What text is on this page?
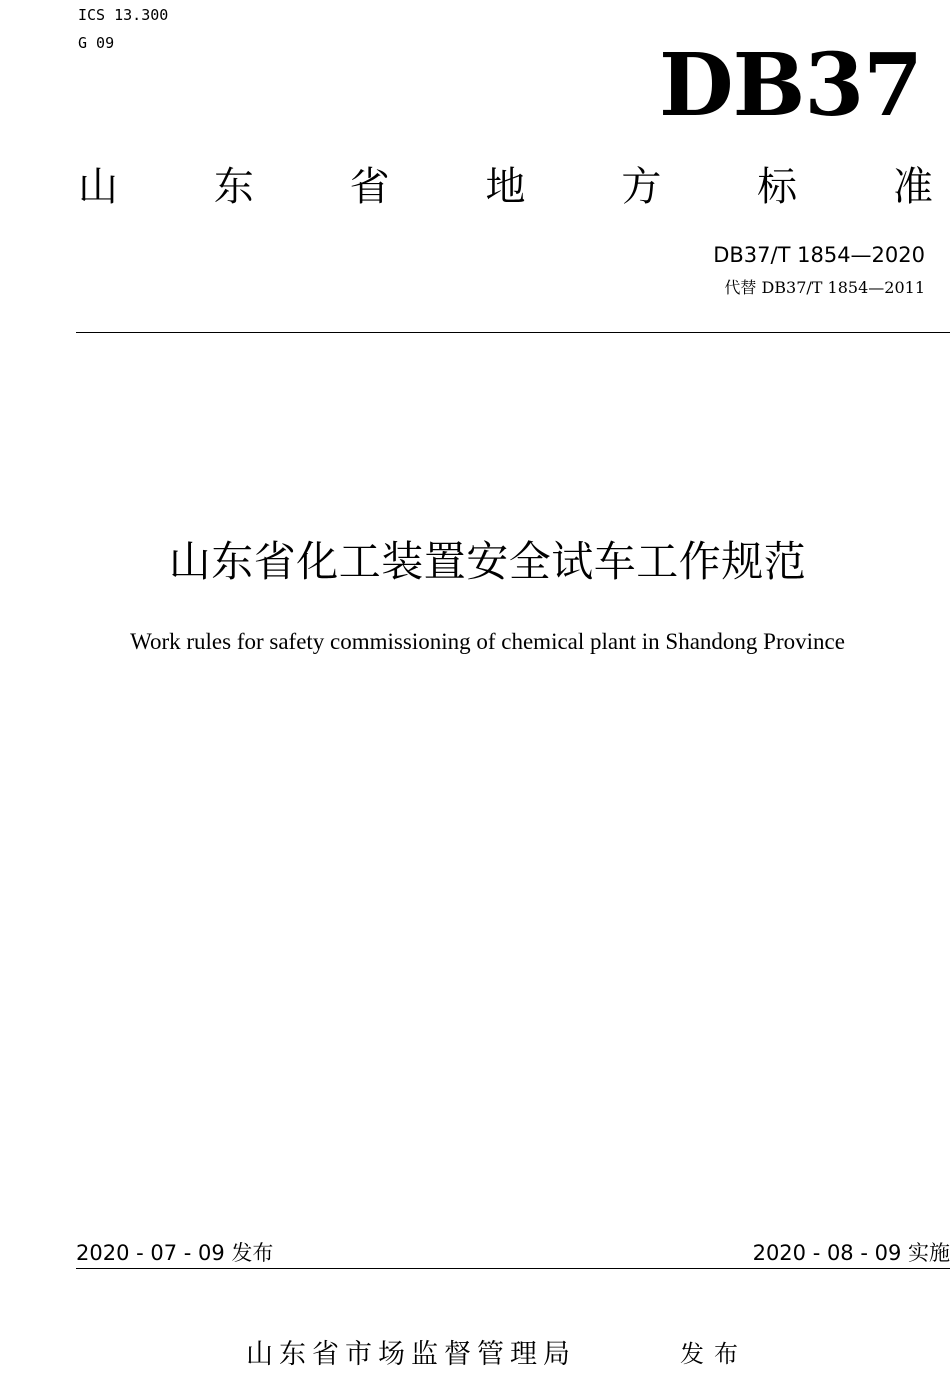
ICS 13.300
G 09	DB37
山 东 省 地 方 标 准
DB37/T 1854—2020
代替 DB37/T 1854—2011
山东省化工装置安全试车工作规范
Work rules for safety commissioning of chemical plant in Shandong Province
2020 - 07 - 09 发布	2020 - 08 - 09 实施
山东省市场监督管理局	发布
